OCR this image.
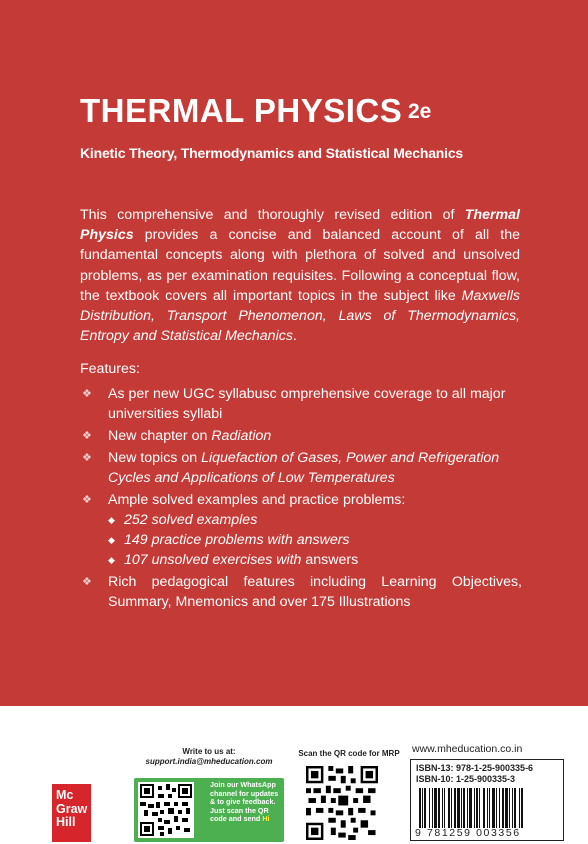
THERMAL PHYSICS 2e
Kinetic Theory, Thermodynamics and Statistical Mechanics

This comprehensive and thoroughly revised edition of Thermal Physics provides a concise and balanced account of all the fundamental concepts along with plethora of solved and unsolved problems, as per examination requisites. Following a conceptual flow, the textbook covers all important topics in the subject like Maxwells Distribution, Transport Phenomenon, Laws of Thermodynamics, Entropy and Statistical Mechanics.

Features:
❖ As per new UGC syllabusc omprehensive coverage to all major universities syllabi
❖ New chapter on Radiation
❖ New topics on Liquefaction of Gases, Power and Refrigeration Cycles and Applications of Low Temperatures
❖ Ample solved examples and practice problems:
◆ 252 solved examples
◆ 149 practice problems with answers
◆ 107 unsolved exercises with answers
❖ Rich pedagogical features including Learning Objectives, Summary, Mnemonics and over 175 Illustrations
Mc
Graw
Hill
Write to us at:
support.india@mheducation.com
Join our WhatsApp channel for updates & to give feedback. Just scan the QR code and send Hi
Scan the QR code for MRP www.mheducation.co.in
ISBN-13: 978-1-25-900335-6
ISBN-10: 1-25-900335-3
9 781259 003356
